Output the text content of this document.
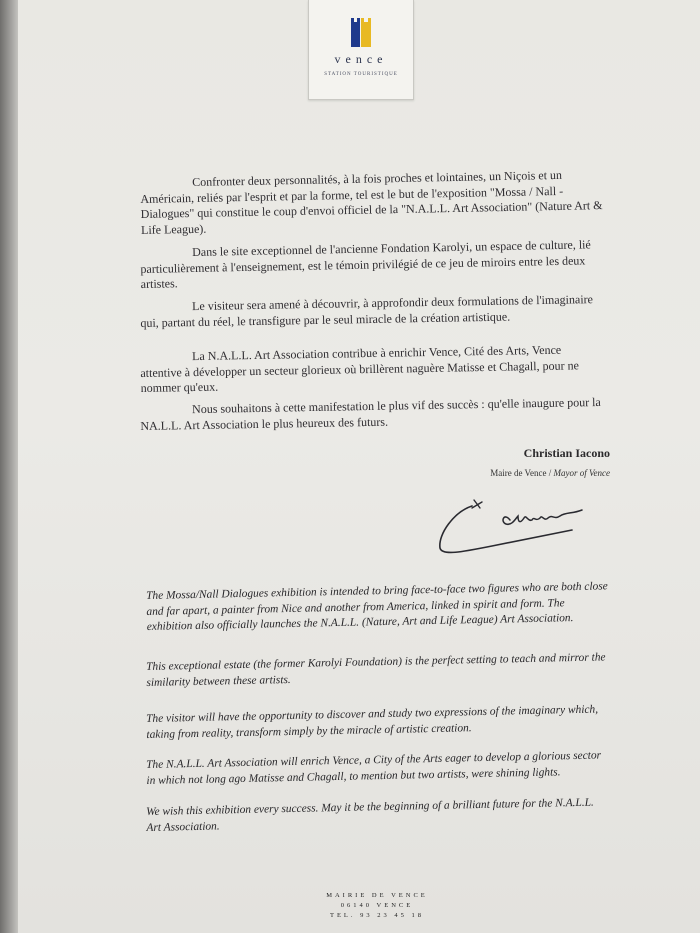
vence
STATION TOURISTIQUE

Confronter deux personnalités, à la fois proches et lointaines, un Niçois et un Américain, reliés par l'esprit et par la forme, tel est le but de l'exposition "Mossa / Nall - Dialogues" qui constitue le coup d'envoi officiel de la "N.A.L.L. Art Association" (Nature Art & Life League).

Dans le site exceptionnel de l'ancienne Fondation Karolyi, un espace de culture, lié particulièrement à l'enseignement, est le témoin privilégié de ce jeu de miroirs entre les deux artistes.

Le visiteur sera amené à découvrir, à approfondir deux formulations de l'imaginaire qui, partant du réel, le transfigure par le seul miracle de la création artistique.

La N.A.L.L. Art Association contribue à enrichir Vence, Cité des Arts, Vence attentive à développer un secteur glorieux où brillèrent naguère Matisse et Chagall, pour ne nommer qu'eux.

Nous souhaitons à cette manifestation le plus vif des succès : qu'elle inaugure pour la NA.L.L. Art Association le plus heureux des futurs.

Christian Iacono
Maire de Vence / Mayor of Vence
The Mossa/Nall Dialogues exhibition is intended to bring face-to-face two figures who are both close and far apart, a painter from Nice and another from America, linked in spirit and form. The exhibition also officially launches the N.A.L.L. (Nature, Art and Life League) Art Association.
This exceptional estate (the former Karolyi Foundation) is the perfect setting to teach and mirror the similarity between these artists.
The visitor will have the opportunity to discover and study two expressions of the imaginary which, taking from reality, transform simply by the miracle of artistic creation.
The N.A.L.L. Art Association will enrich Vence, a City of the Arts eager to develop a glorious sector in which not long ago Matisse and Chagall, to mention but two artists, were shining lights.
We wish this exhibition every success. May it be the beginning of a brilliant future for the N.A.L.L. Art Association.
MAIRIE DE VENCE
06140 VENCE
TEL. 93 23 45 18
